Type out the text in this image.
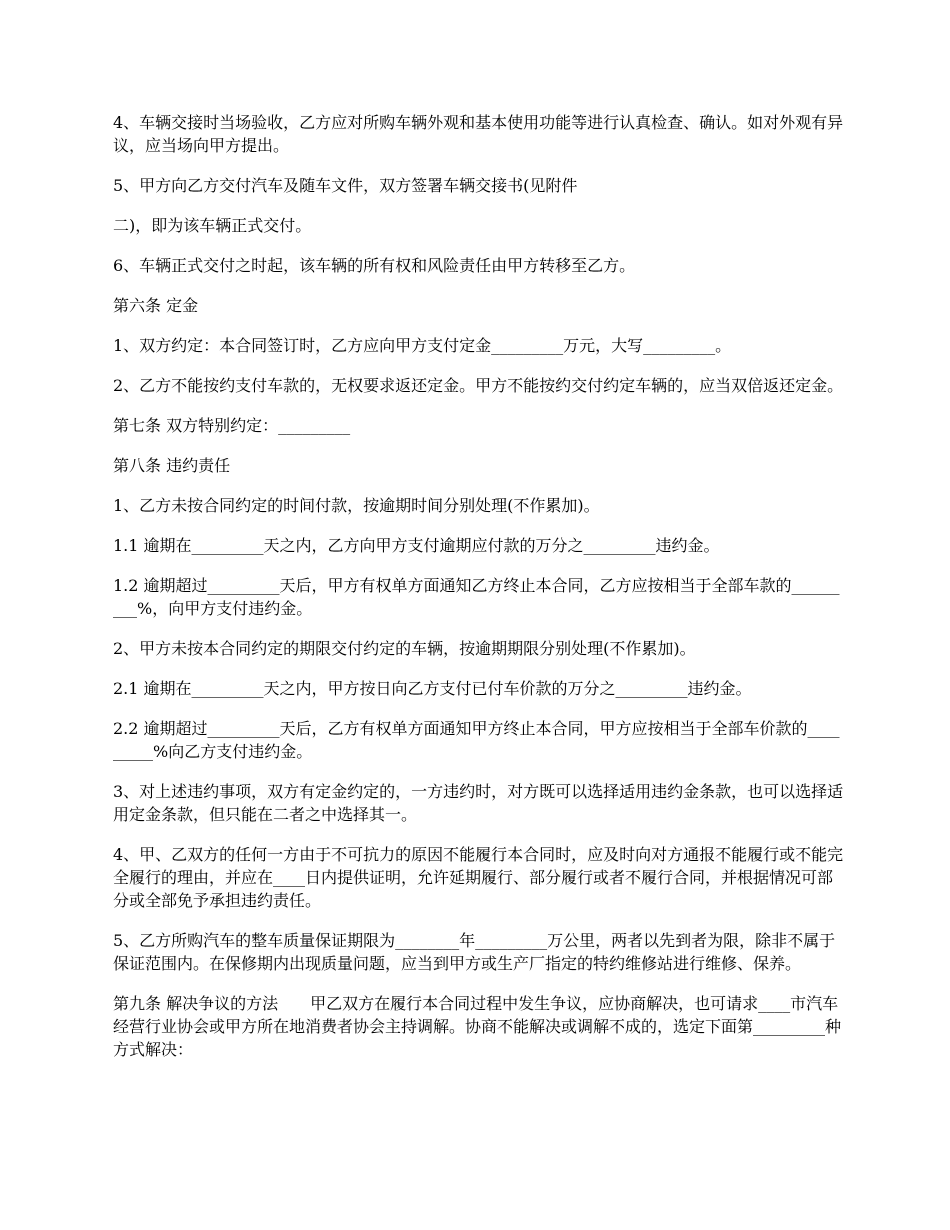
4、车辆交接时当场验收，乙方应对所购车辆外观和基本使用功能等进行认真检查、确认。如对外观有异议，应当场向甲方提出。

5、甲方向乙方交付汽车及随车文件，双方签署车辆交接书(见附件

二)，即为该车辆正式交付。

6、车辆正式交付之时起，该车辆的所有权和风险责任由甲方转移至乙方。

第六条 定金

1、双方约定：本合同签订时，乙方应向甲方支付定金_________万元，大写_________。

2、乙方不能按约支付车款的，无权要求返还定金。甲方不能按约交付约定车辆的，应当双倍返还定金。

第七条 双方特别约定：_________

第八条 违约责任

1、乙方未按合同约定的时间付款，按逾期时间分别处理(不作累加)。

1.1 逾期在_________天之内，乙方向甲方支付逾期应付款的万分之_________违约金。

1.2 逾期超过_________天后，甲方有权单方面通知乙方终止本合同，乙方应按相当于全部车款的_________%，向甲方支付违约金。

2、甲方未按本合同约定的期限交付约定的车辆，按逾期期限分别处理(不作累加)。

2.1 逾期在_________天之内，甲方按日向乙方支付已付车价款的万分之_________违约金。

2.2 逾期超过_________天后，乙方有权单方面通知甲方终止本合同，甲方应按相当于全部车价款的_________%向乙方支付违约金。

3、对上述违约事项，双方有定金约定的，一方违约时，对方既可以选择适用违约金条款，也可以选择适用定金条款，但只能在二者之中选择其一。

4、甲、乙双方的任何一方由于不可抗力的原因不能履行本合同时，应及时向对方通报不能履行或不能完全履行的理由，并应在____日内提供证明，允许延期履行、部分履行或者不履行合同，并根据情况可部分或全部免予承担违约责任。

5、乙方所购汽车的整车质量保证期限为________年_________万公里，两者以先到者为限，除非不属于保证范围内。在保修期内出现质量问题，应当到甲方或生产厂指定的特约维修站进行维修、保养。

第九条 解决争议的方法　　甲乙双方在履行本合同过程中发生争议，应协商解决，也可请求____市汽车经营行业协会或甲方所在地消费者协会主持调解。协商不能解决或调解不成的，选定下面第_________种方式解决：
